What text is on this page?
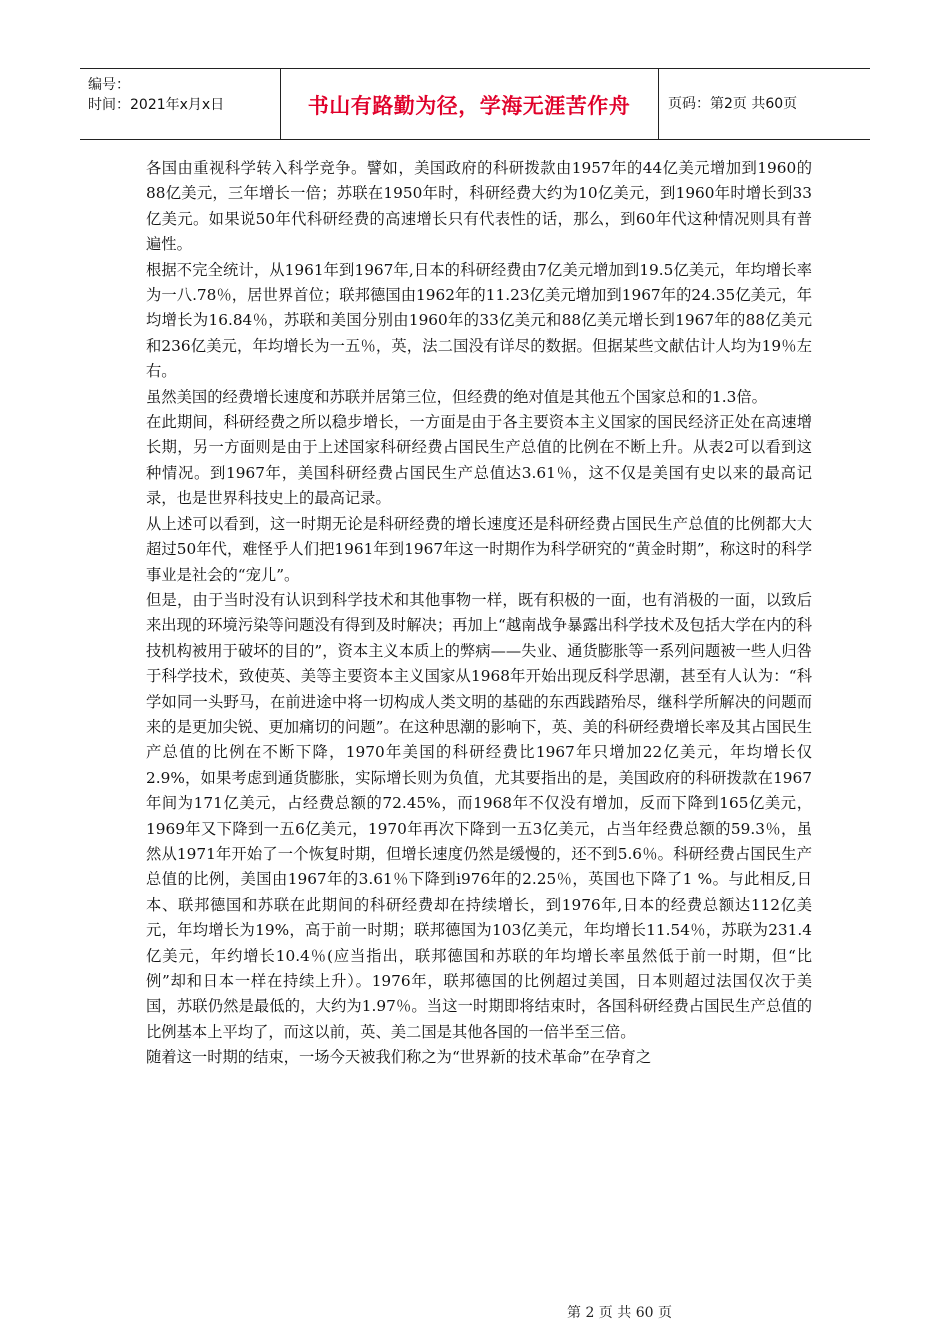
编号：
时间：2021年x月x日	书山有路勤为径，学海无涯苦作舟	页码：第2页 共60页

各国由重视科学转入科学竞争。譬如，美国政府的科研拨款由1957年的44亿美元增加到1960的88亿美元，三年增长一倍；苏联在1950年时，科研经费大约为10亿美元，到1960年时增长到33亿美元。如果说50年代科研经费的高速增长只有代表性的话，那么，到60年代这种情况则具有普遍性。

根据不完全统计，从1961年到1967年,日本的科研经费由7亿美元增加到19.5亿美元，年均增长率为一八.78％，居世界首位；联邦德国由1962年的11.23亿美元增加到1967年的24.35亿美元，年均增长为16.84％，苏联和美国分别由1960年的33亿美元和88亿美元增长到1967年的88亿美元和236亿美元，年均增长为一五％，英，法二国没有详尽的数据。但据某些文献估计人均为19％左右。

虽然美国的经费增长速度和苏联并居第三位，但经费的绝对值是其他五个国家总和的1.3倍。

在此期间，科研经费之所以稳步增长，一方面是由于各主要资本主义国家的国民经济正处在高速增长期，另一方面则是由于上述国家科研经费占国民生产总值的比例在不断上升。从表2可以看到这种情况。到1967年，美国科研经费占国民生产总值达3.61％，这不仅是美国有史以来的最高记录，也是世界科技史上的最高记录。

从上述可以看到，这一时期无论是科研经费的增长速度还是科研经费占国民生产总值的比例都大大超过50年代，难怪乎人们把1961年到1967年这一时期作为科学研究的“黄金时期”，称这时的科学事业是社会的“宠儿”。

但是，由于当时没有认识到科学技术和其他事物一样，既有积极的一面，也有消极的一面，以致后来出现的环境污染等问题没有得到及时解决；再加上“越南战争暴露出科学技术及包括大学在内的科技机构被用于破坏的目的”，资本主义本质上的弊病——失业、通货膨胀等一系列问题被一些人归咎于科学技术，致使英、美等主要资本主义国家从1968年开始出现反科学思潮，甚至有人认为：“科学如同一头野马，在前进途中将一切构成人类文明的基础的东西践踏殆尽，继科学所解决的问题而来的是更加尖锐、更加痛切的问题”。在这种思潮的影响下，英、美的科研经费增长率及其占国民生产总值的比例在不断下降，1970年美国的科研经费比1967年只增加22亿美元，年均增长仅2.9%，如果考虑到通货膨胀，实际增长则为负值，尤其要指出的是，美国政府的科研拨款在1967年间为171亿美元，占经费总额的72.45%，而1968年不仅没有增加，反而下降到165亿美元，1969年又下降到一五6亿美元，1970年再次下降到一五3亿美元，占当年经费总额的59.3％，虽然从1971年开始了一个恢复时期，但增长速度仍然是缓慢的，还不到5.6％。科研经费占国民生产总值的比例，美国由1967年的3.61％下降到i976年的2.25％，英国也下降了1 %。与此相反,日本、联邦德国和苏联在此期间的科研经费却在持续增长，到1976年,日本的经费总额达112亿美元，年均增长为19%，高于前一时期；联邦德国为103亿美元，年均增长11.54％，苏联为231.4亿美元，年约增长10.4％(应当指出，联邦德国和苏联的年均增长率虽然低于前一时期，但“比例”却和日本一样在持续上升）。1976年，联邦德国的比例超过美国，日本则超过法国仅次于美国，苏联仍然是最低的，大约为1.97％。当这一时期即将结束时，各国科研经费占国民生产总值的比例基本上平均了，而这以前，英、美二国是其他各国的一倍半至三倍。

随着这一时期的结束，一场今天被我们称之为“世界新的技术革命”在孕育之

第 2 页 共 60 页
